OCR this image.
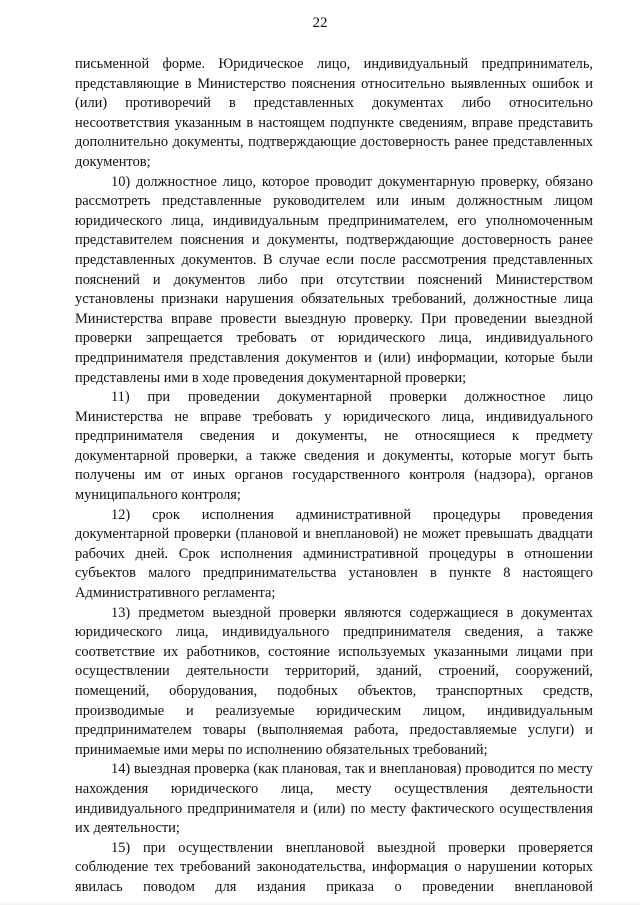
22

письменной форме. Юридическое лицо, индивидуальный предприниматель, представляющие в Министерство пояснения относительно выявленных ошибок и (или) противоречий в представленных документах либо относительно несоответствия указанным в настоящем подпункте сведениям, вправе представить дополнительно документы, подтверждающие достоверность ранее представленных документов;

10) должностное лицо, которое проводит документарную проверку, обязано рассмотреть представленные руководителем или иным должностным лицом юридического лица, индивидуальным предпринимателем, его уполномоченным представителем пояснения и документы, подтверждающие достоверность ранее представленных документов. В случае если после рассмотрения представленных пояснений и документов либо при отсутствии пояснений Министерством установлены признаки нарушения обязательных требований, должностные лица Министерства вправе провести выездную проверку. При проведении выездной проверки запрещается требовать от юридического лица, индивидуального предпринимателя представления документов и (или) информации, которые были представлены ими в ходе проведения документарной проверки;

11) при проведении документарной проверки должностное лицо Министерства не вправе требовать у юридического лица, индивидуального предпринимателя сведения и документы, не относящиеся к предмету документарной проверки, а также сведения и документы, которые могут быть получены им от иных органов государственного контроля (надзора), органов муниципального контроля;

12) срок исполнения административной процедуры проведения документарной проверки (плановой и внеплановой) не может превышать двадцати рабочих дней. Срок исполнения административной процедуры в отношении субъектов малого предпринимательства установлен в пункте 8 настоящего Административного регламента;

13) предметом выездной проверки являются содержащиеся в документах юридического лица, индивидуального предпринимателя сведения, а также соответствие их работников, состояние используемых указанными лицами при осуществлении деятельности территорий, зданий, строений, сооружений, помещений, оборудования, подобных объектов, транспортных средств, производимые и реализуемые юридическим лицом, индивидуальным предпринимателем товары (выполняемая работа, предоставляемые услуги) и принимаемые ими меры по исполнению обязательных требований;

14) выездная проверка (как плановая, так и внеплановая) проводится по месту нахождения юридического лица, месту осуществления деятельности индивидуального предпринимателя и (или) по месту фактического осуществления их деятельности;

15) при осуществлении внеплановой выездной проверки проверяется соблюдение тех требований законодательства, информация о нарушении которых явилась поводом для издания приказа о проведении внеплановой
